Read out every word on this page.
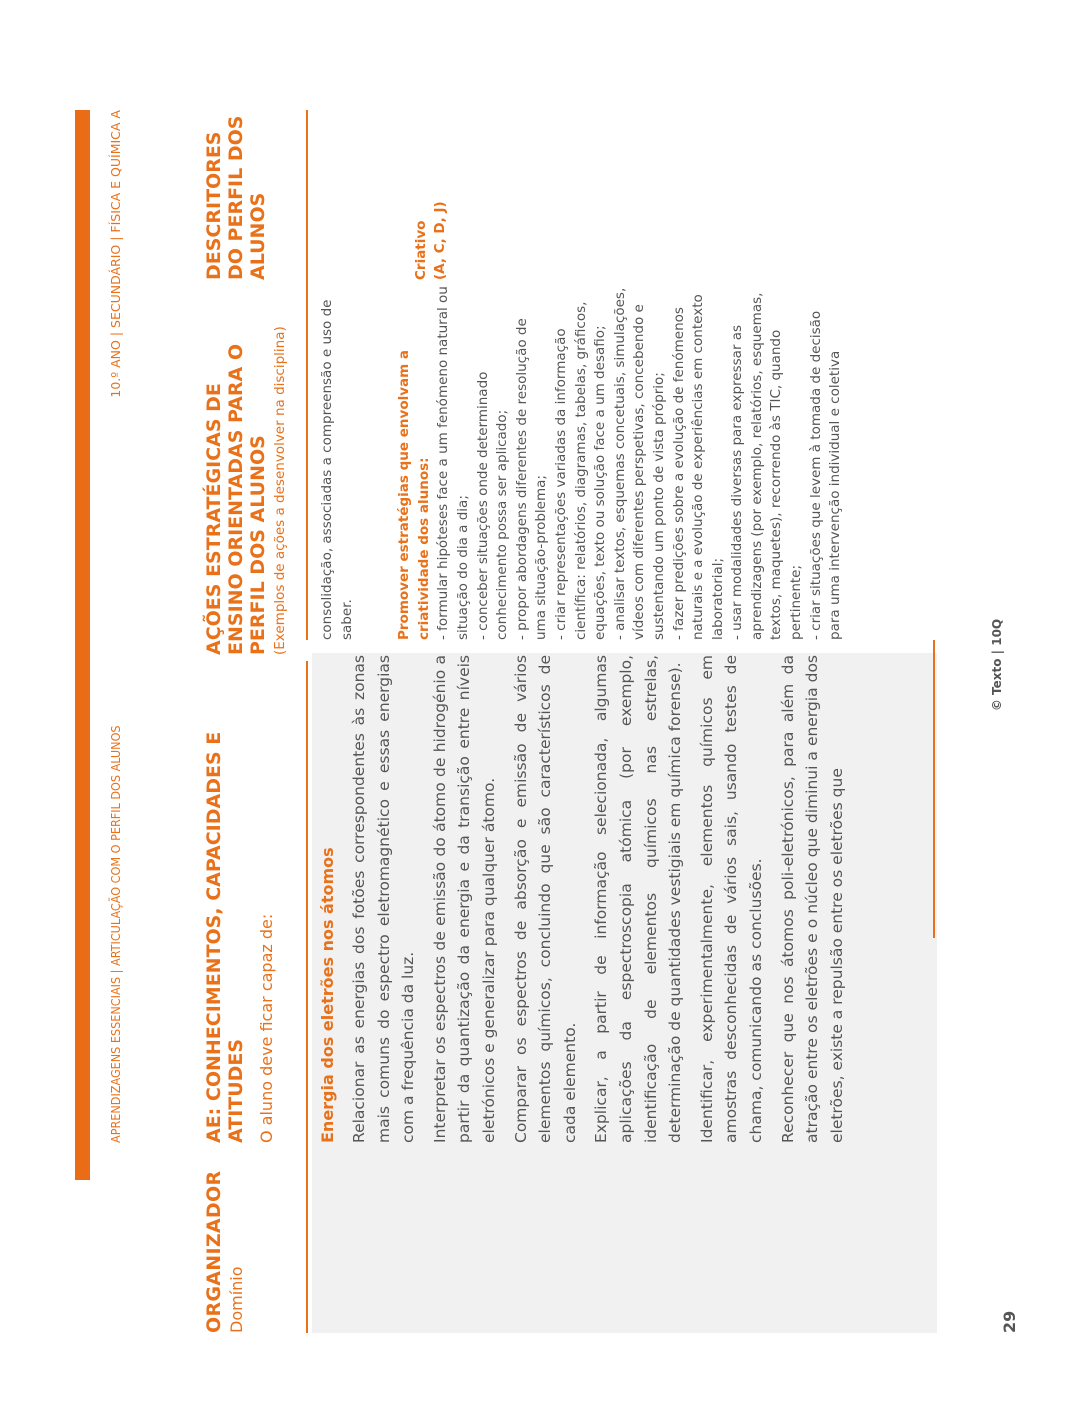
APRENDIZAGENS ESSENCIAIS | ARTICULAÇÃO COM O PERFIL DOS ALUNOS
10.º ANO | SECUNDÁRIO | FÍSICA E QUÍMICA A
ORGANIZADOR Domínio
AE: CONHECIMENTOS, CAPACIDADES E ATITUDES O aluno deve ficar capaz de:
AÇÕES ESTRATÉGICAS DE ENSINO ORIENTADAS PARA O PERFIL DOS ALUNOS (Exemplos de ações a desenvolver na disciplina)
DESCRITORES DO PERFIL DOS ALUNOS
Energia dos eletrões nos átomos Relacionar as energias dos fotões correspondentes às zonas mais comuns do espectro eletromagnético e essas energias com a frequência da luz. Interpretar os espectros de emissão do átomo de hidrogénio a partir da quantização da energia e da transição entre níveis eletrónicos e generalizar para qualquer átomo. Comparar os espectros de absorção e emissão de vários elementos químicos, concluindo que são característicos de cada elemento. Explicar, a partir de informação selecionada, algumas aplicações da espectroscopia atómica (por exemplo, identificação de elementos químicos nas estrelas, determinação de quantidades vestigiais em química forense). Identificar, experimentalmente, elementos químicos em amostras desconhecidas de vários sais, usando testes de chama, comunicando as conclusões. Reconhecer que nos átomos poli-eletrónicos, para além da atração entre os eletrões e o núcleo que diminui a energia dos eletrões, existe a repulsão entre os eletrões que

consolidação, associadas a compreensão e uso de saber.	Promover estratégias que envolvam a criatividade dos alunos: - formular hipóteses face a um fenómeno natural ou situação do dia a dia; - conceber situações onde determinado conhecimento possa ser aplicado; - propor abordagens diferentes de resolução de uma situação-problema; - criar representações variadas da informação científica: relatórios, diagramas, tabelas, gráficos, equações, texto ou solução face a um desafio; - analisar textos, esquemas concetuais, simulações, vídeos com diferentes perspetivas, concebendo e sustentando um ponto de vista próprio; - fazer predições sobre a evolução de fenómenos naturais e a evolução de experiências em contexto laboratorial; - usar modalidades diversas para expressar as aprendizagens (por exemplo, relatórios, esquemas, textos, maquetes), recorrendo às TIC, quando pertinente; - criar situações que levem à tomada de decisão para uma intervenção individual e coletiva

Criativo (A, C, D, J)
29
© Texto | 10Q
